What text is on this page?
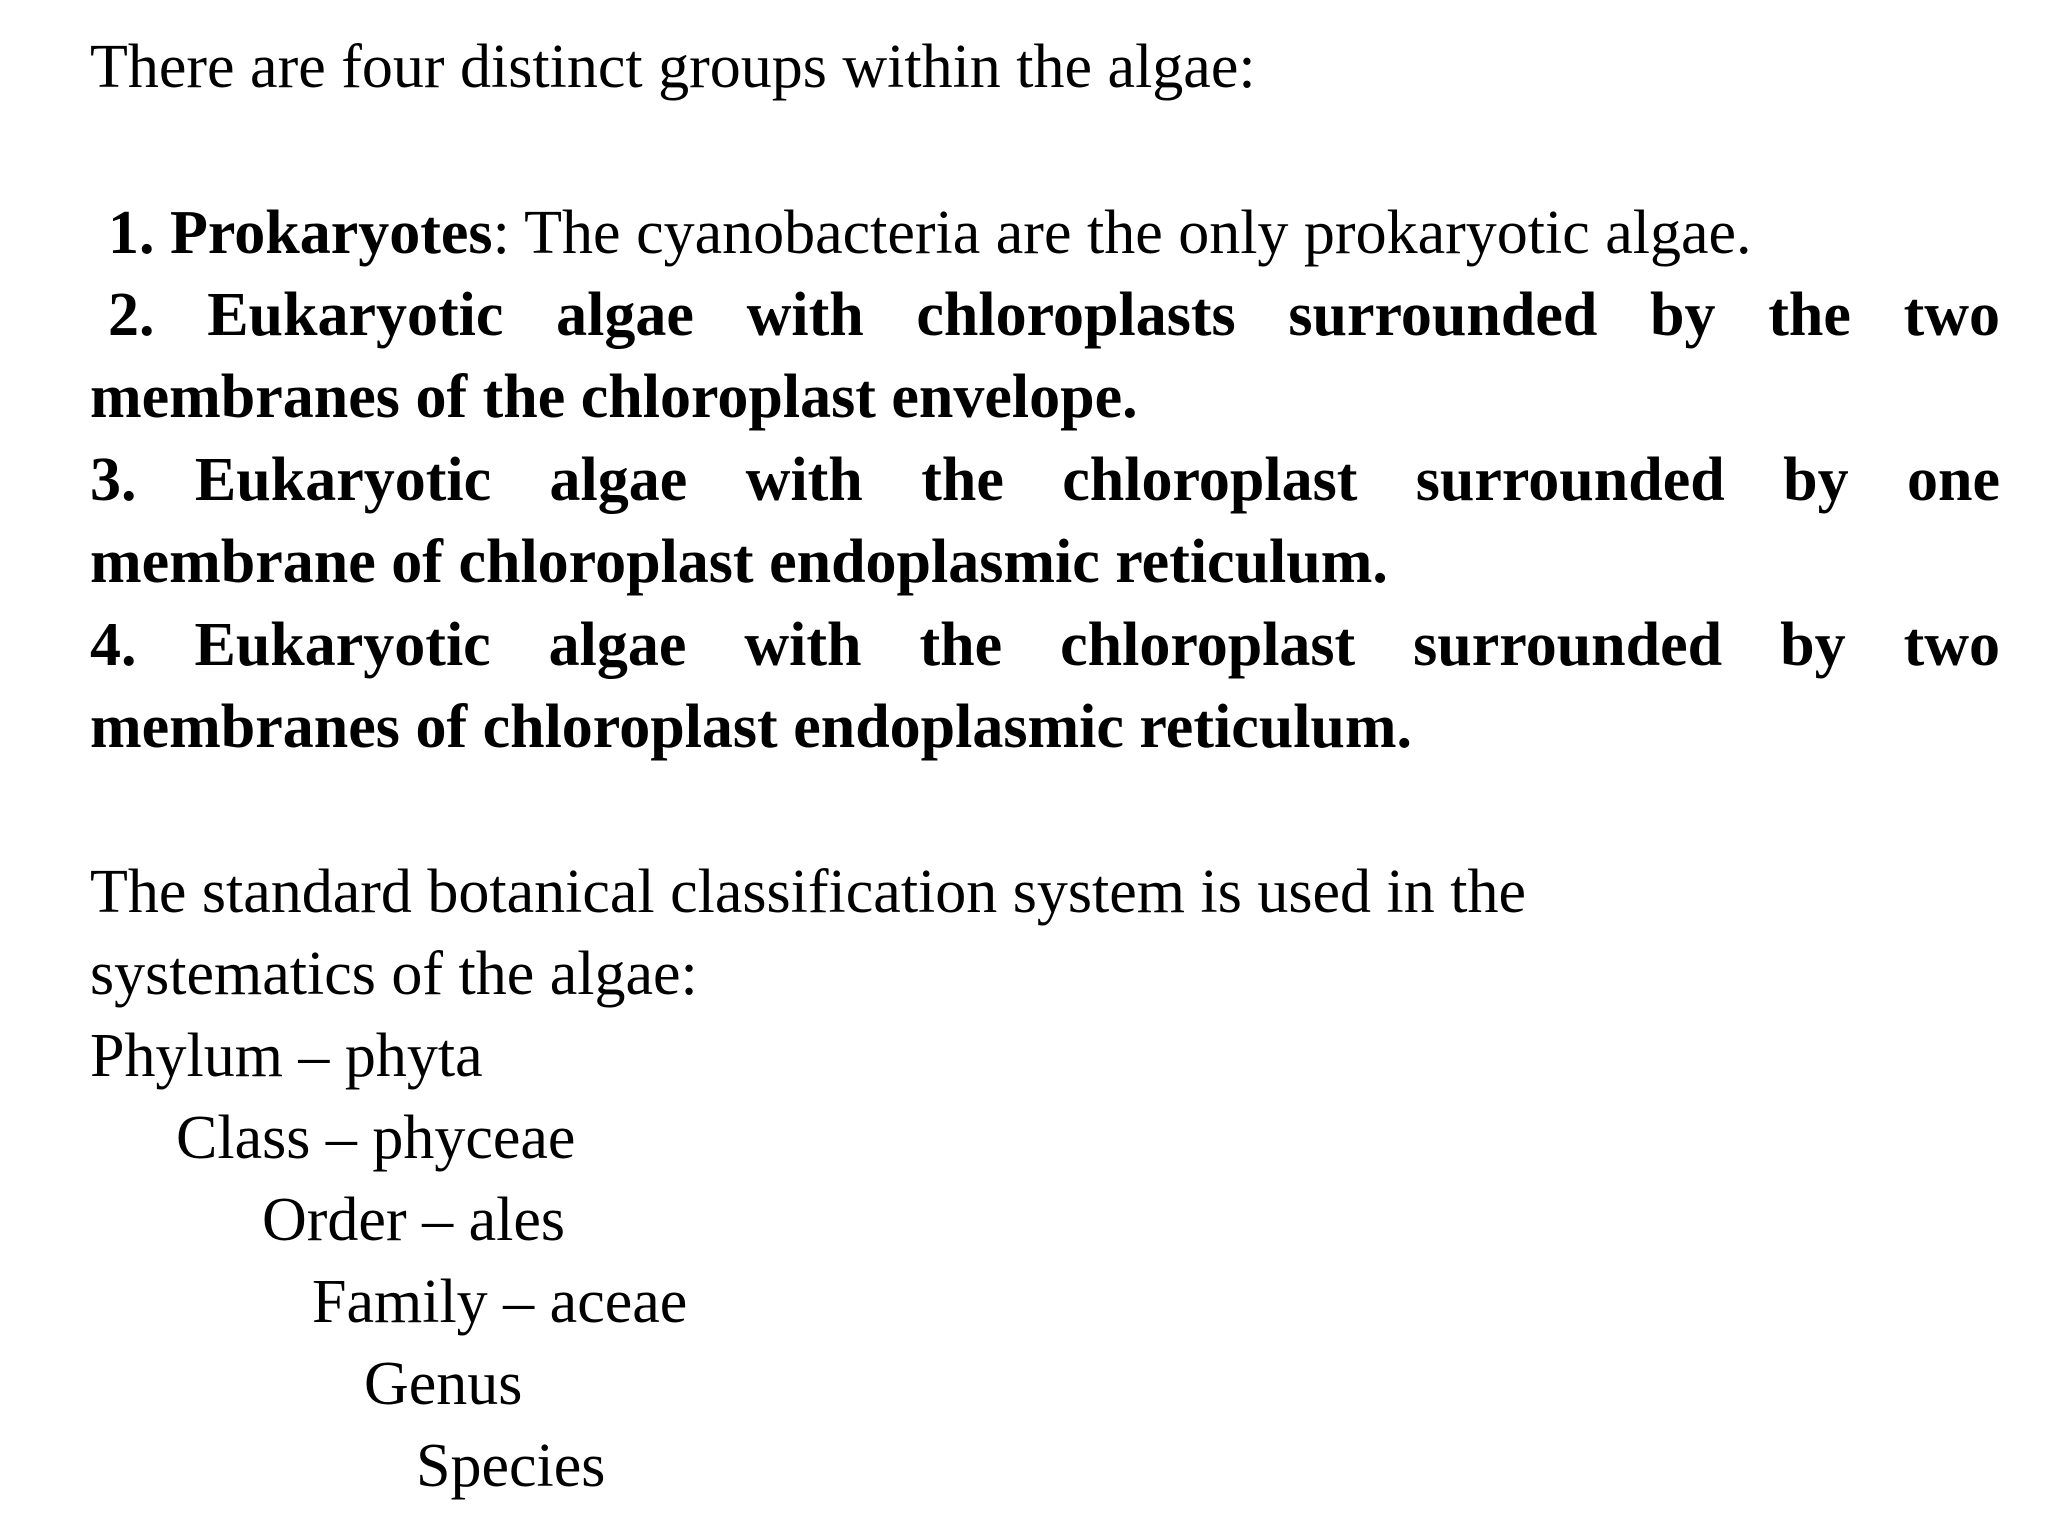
There are four distinct groups within the algae:
1. Prokaryotes: The cyanobacteria are the only prokaryotic algae.
2. Eukaryotic algae with chloroplasts surrounded by the two
membranes of the chloroplast envelope.
3. Eukaryotic algae with the chloroplast surrounded by one
membrane of chloroplast endoplasmic reticulum.
4. Eukaryotic algae with the chloroplast surrounded by two
membranes of chloroplast endoplasmic reticulum.
The standard botanical classification system is used in the
systematics of the algae:
Phylum – phyta
Class – phyceae
Order – ales
Family – aceae
Genus
Species
